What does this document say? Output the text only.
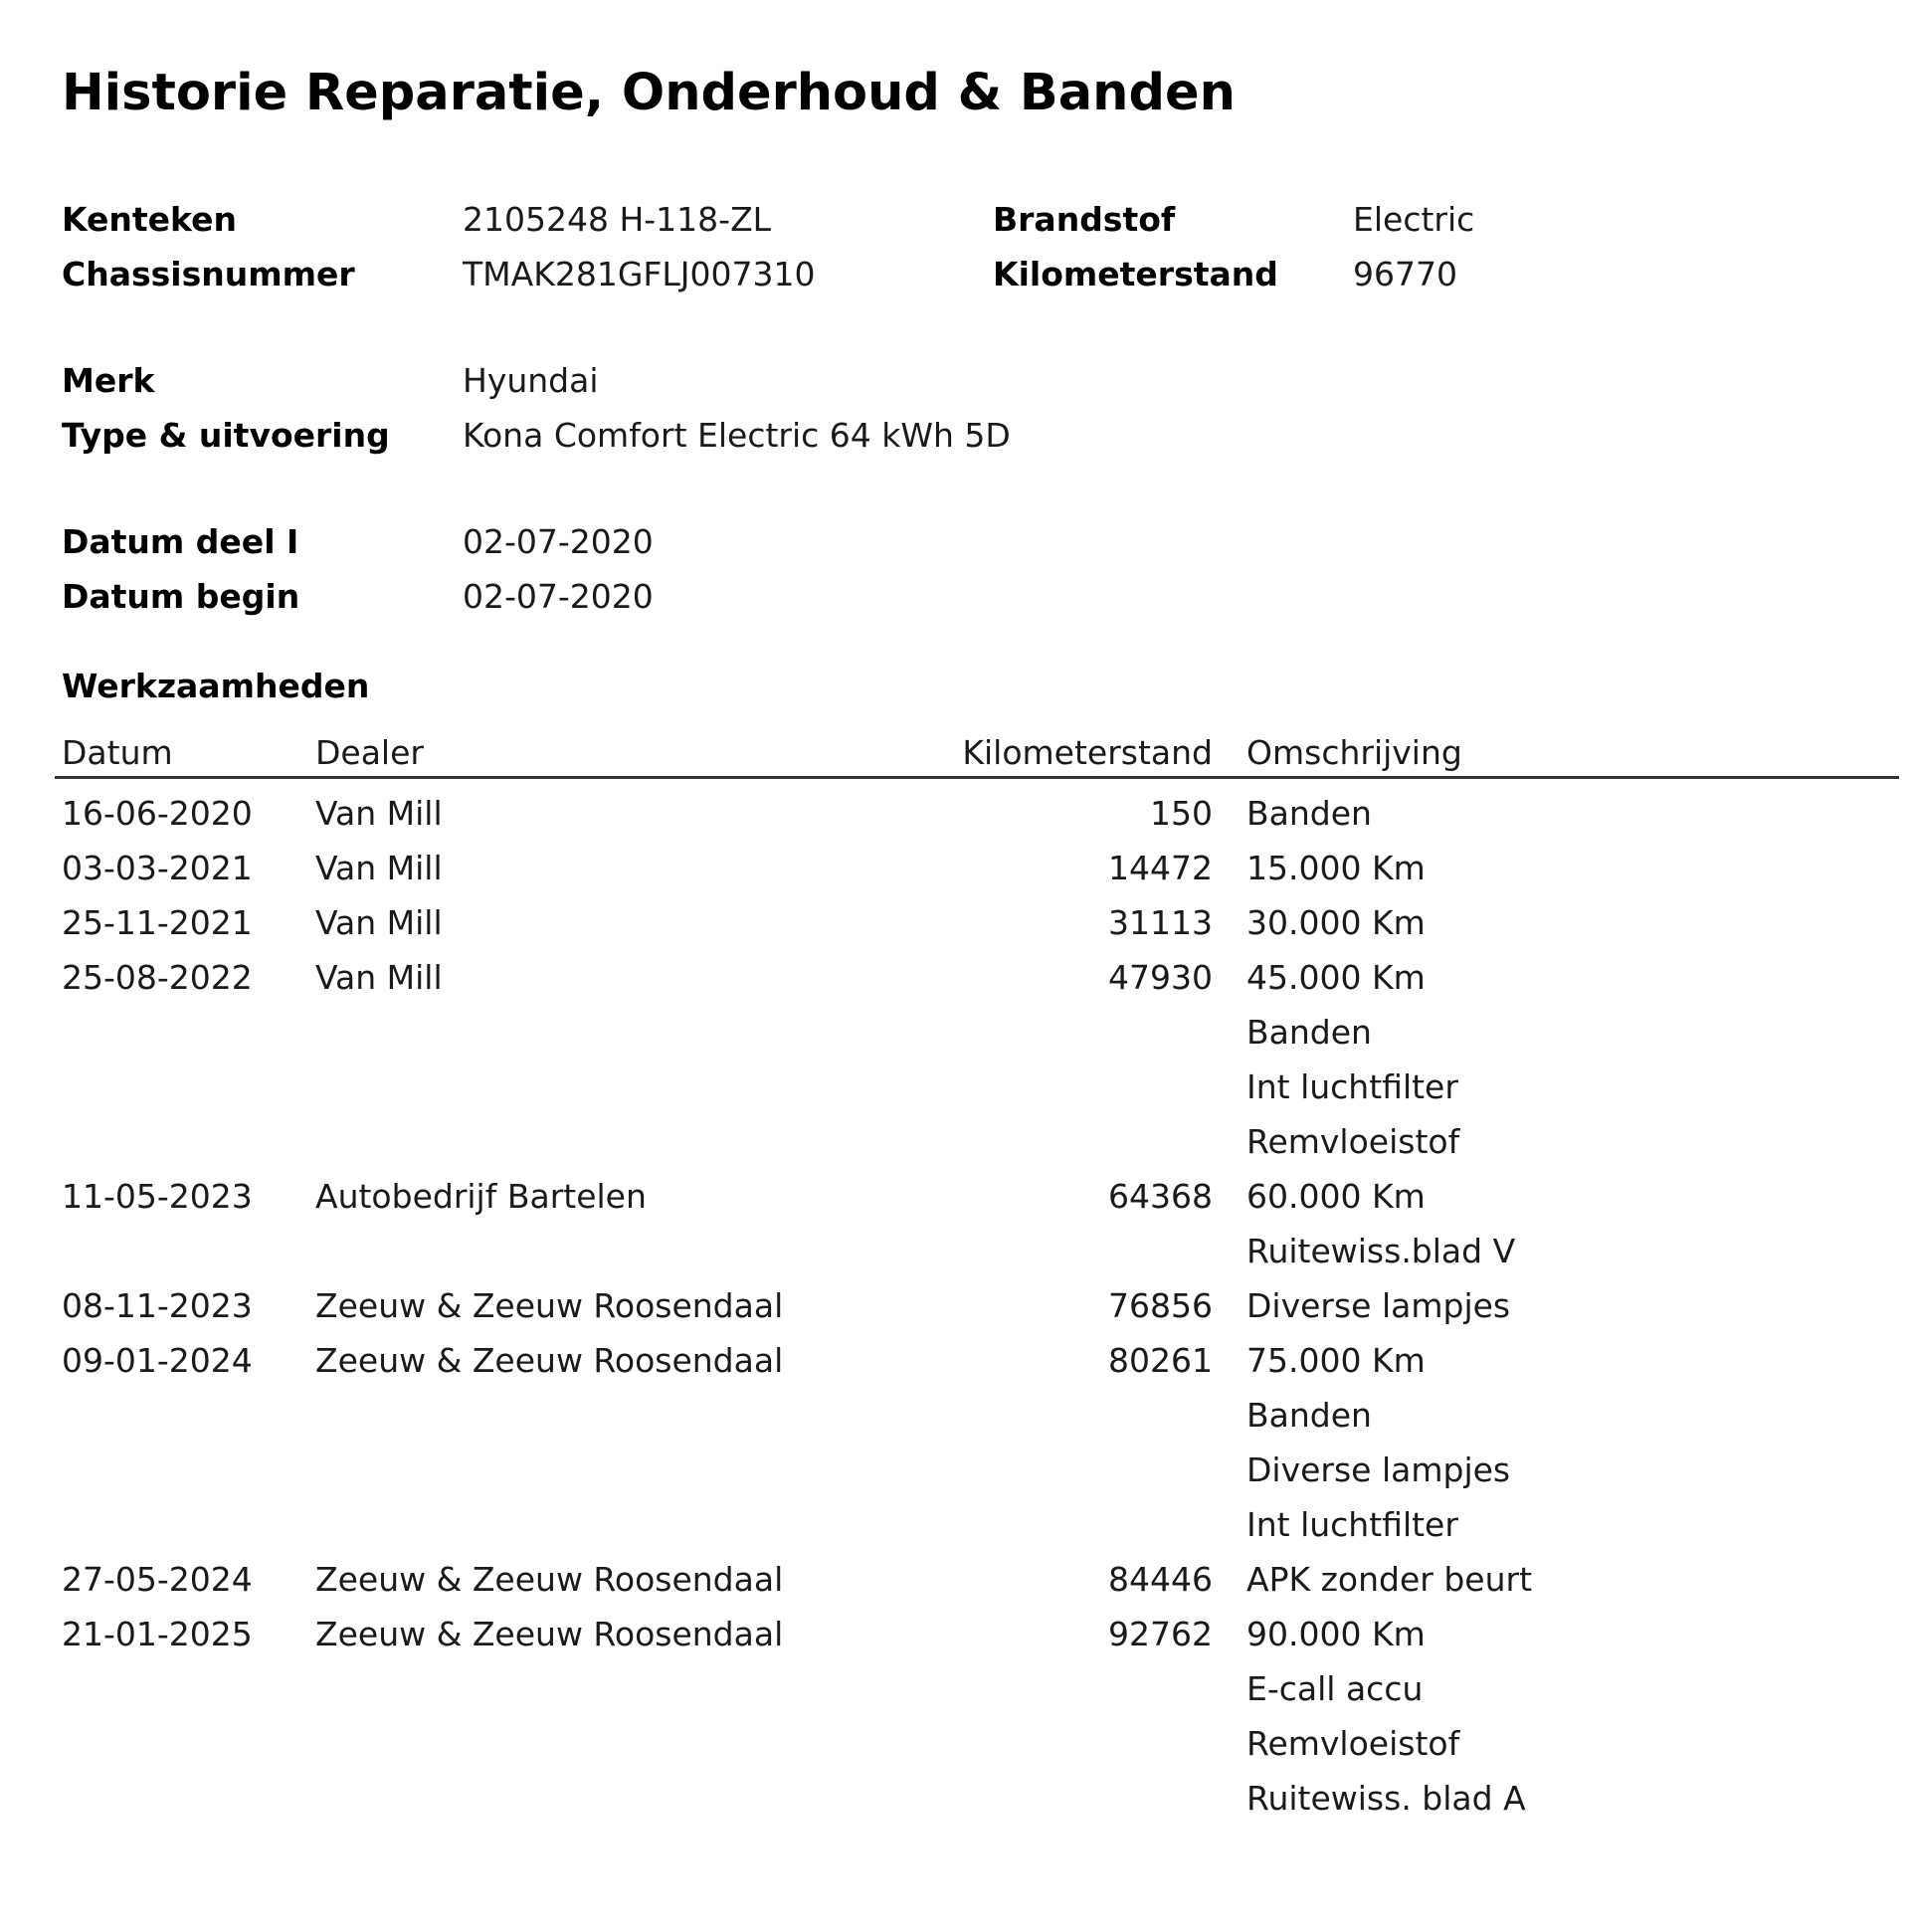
Historie Reparatie, Onderhoud & Banden
Kenteken	2105248 H-118-ZL	Brandstof	Electric
Chassisnummer	TMAK281GFLJ007310	Kilometerstand 96770
Merk	Hyundai
Type & uitvoering Kona Comfort Electric 64 kWh 5D
Datum deel I	02-07-2020
Datum begin	02-07-2020
Werkzaamheden
Datum	Dealer	Kilometerstand Omschrijving
16-06-2020 Van Mill	150 Banden
03-03-2021 Van Mill	14472 15.000 Km
25-11-2021 Van Mill	31113 30.000 Km
25-08-2022 Van Mill	47930 45.000 Km
Banden
Int luchtfilter
Remvloeistof
11-05-2023 Autobedrijf Bartelen	64368 60.000 Km
Ruitewiss.blad V
08-11-2023 Zeeuw & Zeeuw Roosendaal	76856 Diverse lampjes
09-01-2024 Zeeuw & Zeeuw Roosendaal	80261 75.000 Km
Banden
Diverse lampjes
Int luchtfilter
27-05-2024 Zeeuw & Zeeuw Roosendaal	84446 APK zonder beurt
21-01-2025 Zeeuw & Zeeuw Roosendaal	92762 90.000 Km
E-call accu
Remvloeistof
Ruitewiss. blad A
